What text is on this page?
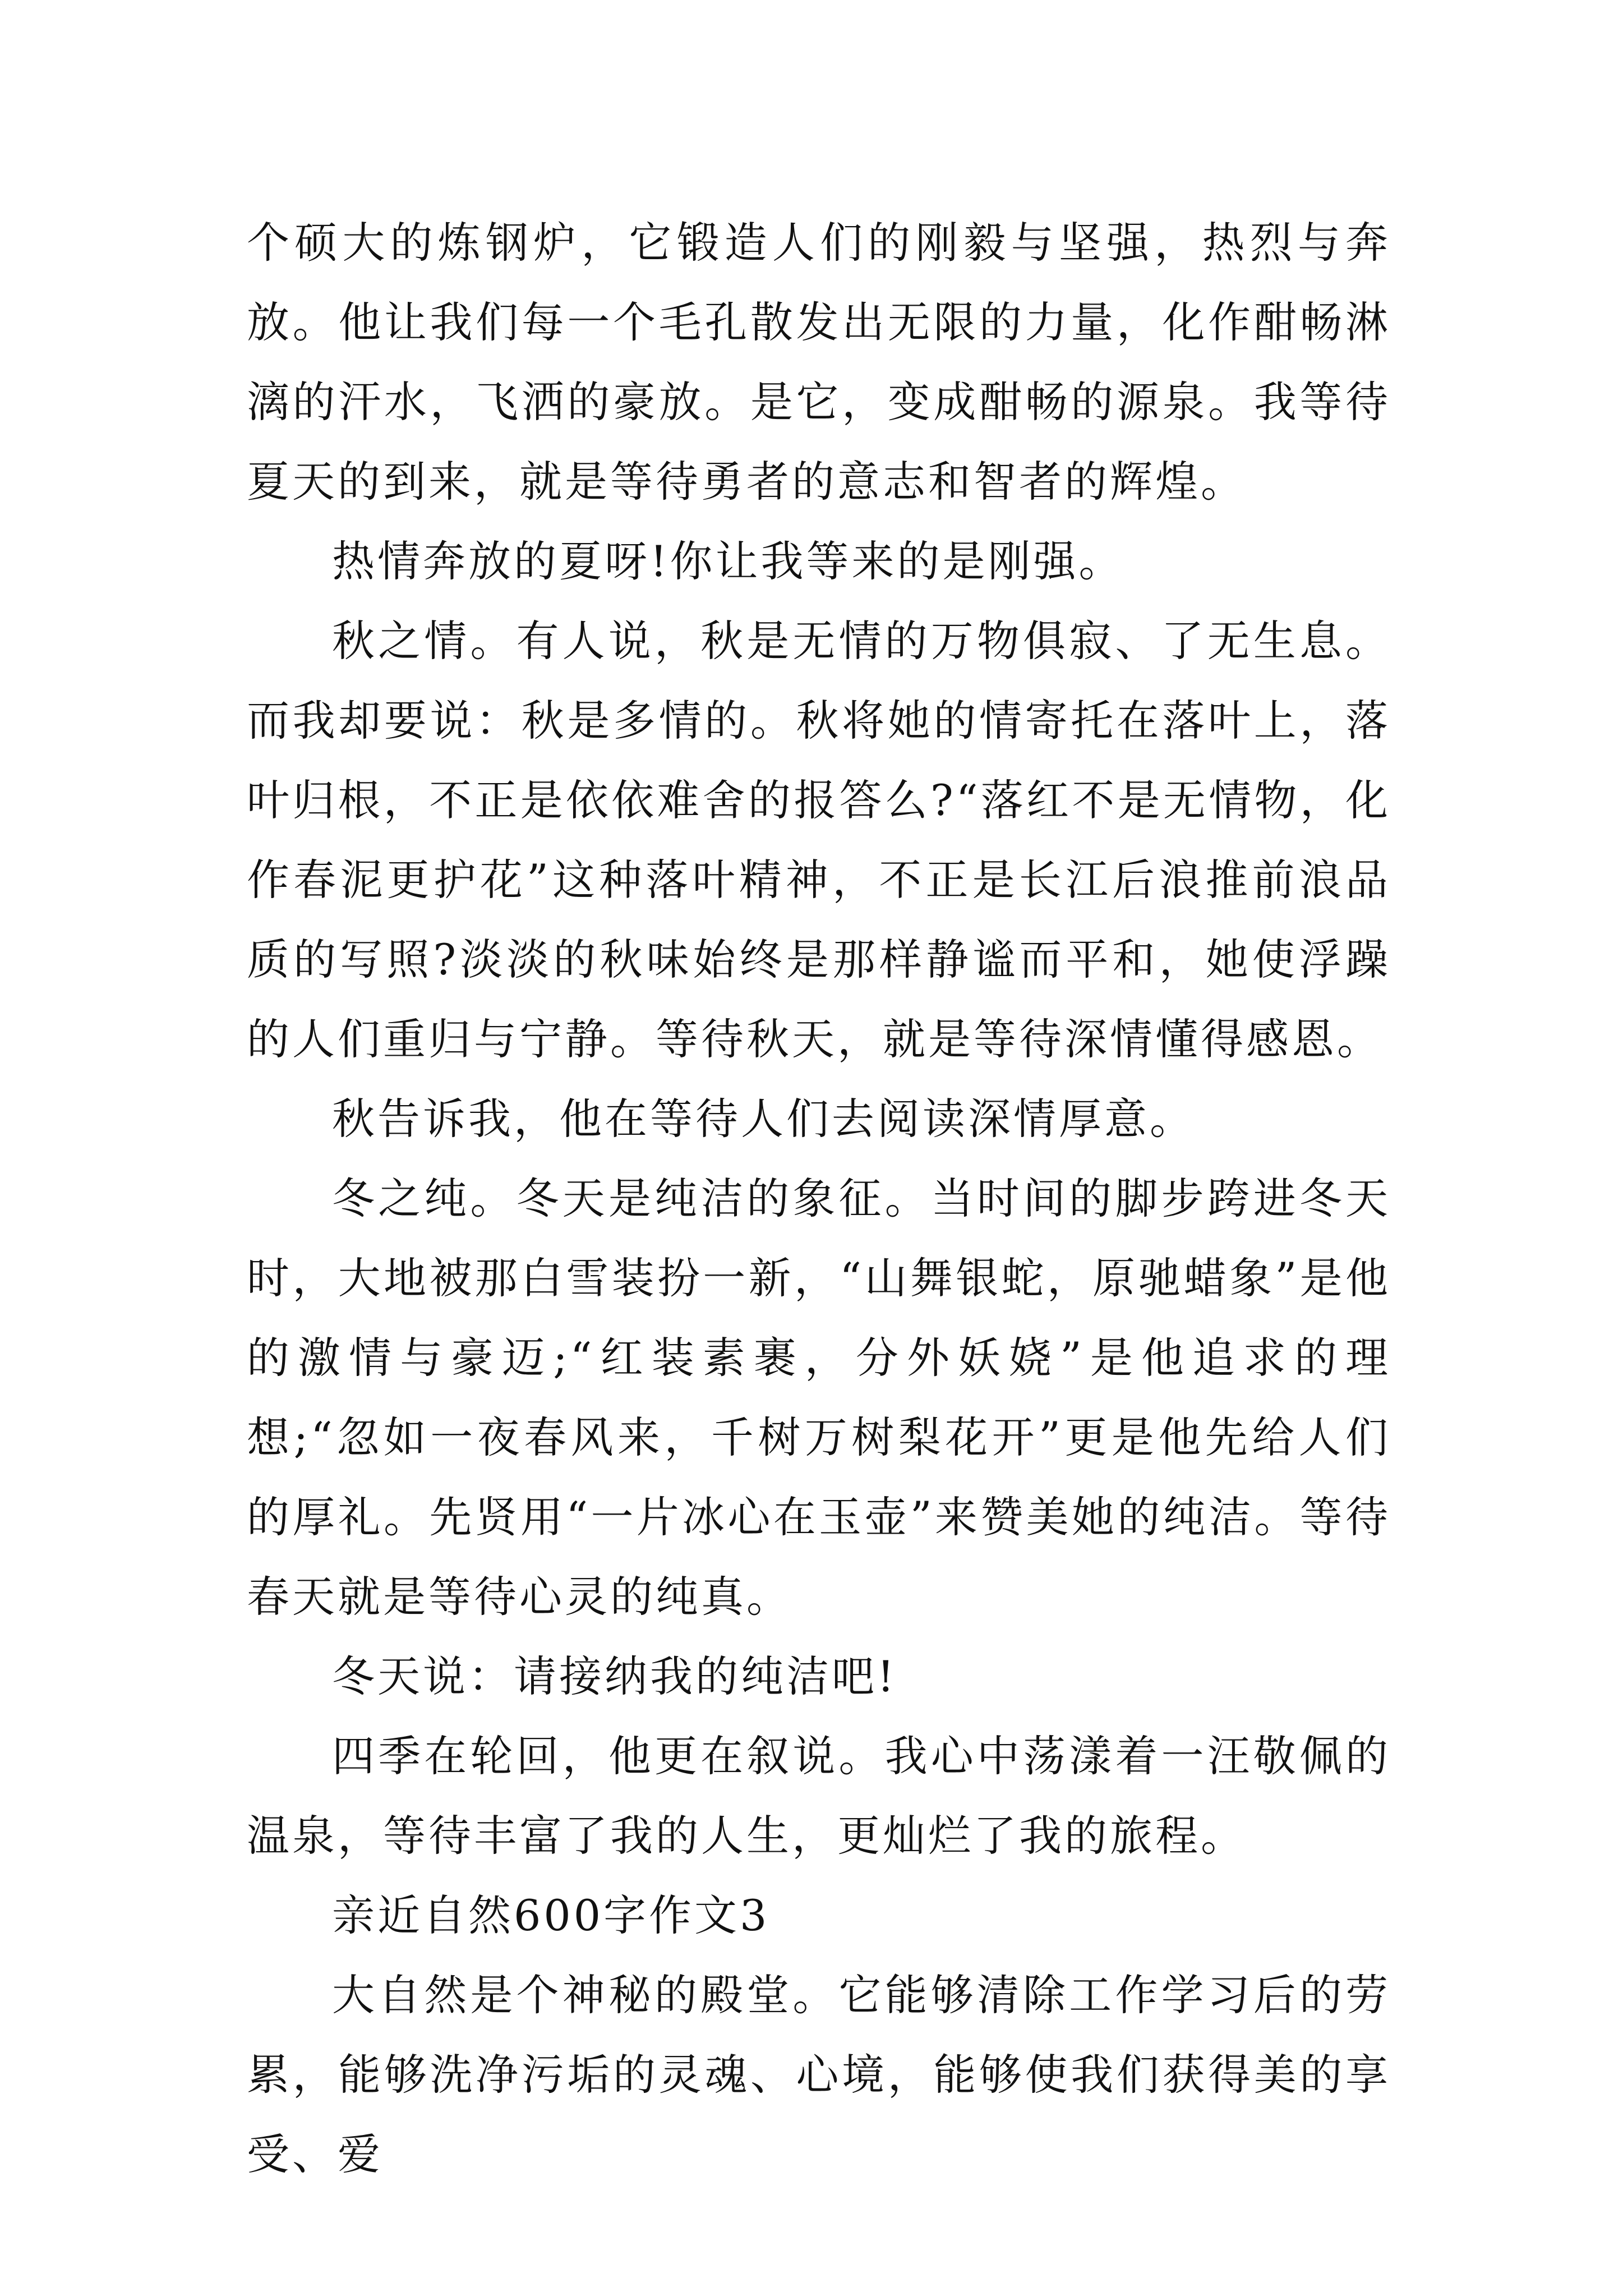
个硕大的炼钢炉，它锻造人们的刚毅与坚强，热烈与奔放。他让我们每一个毛孔散发出无限的力量，化作酣畅淋漓的汗水，飞洒的豪放。是它，变成酣畅的源泉。我等待夏天的到来，就是等待勇者的意志和智者的辉煌。

热情奔放的夏呀!你让我等来的是刚强。

秋之情。有人说，秋是无情的万物俱寂、了无生息。而我却要说：秋是多情的。秋将她的情寄托在落叶上，落叶归根，不正是依依难舍的报答么?“落红不是无情物，化作春泥更护花”这种落叶精神，不正是长江后浪推前浪品质的写照?淡淡的秋味始终是那样静谧而平和，她使浮躁的人们重归与宁静。等待秋天，就是等待深情懂得感恩。

秋告诉我，他在等待人们去阅读深情厚意。

冬之纯。冬天是纯洁的象征。当时间的脚步跨进冬天时，大地被那白雪装扮一新，“山舞银蛇，原驰蜡象”是他的激情与豪迈;“红装素裹，分外妖娆”是他追求的理想;“忽如一夜春风来，千树万树梨花开”更是他先给人们的厚礼。先贤用“一片冰心在玉壶”来赞美她的纯洁。等待春天就是等待心灵的纯真。

冬天说：请接纳我的纯洁吧!

四季在轮回，他更在叙说。我心中荡漾着一汪敬佩的温泉，等待丰富了我的人生，更灿烂了我的旅程。

亲近自然600字作文3

大自然是个神秘的殿堂。它能够清除工作学习后的劳累，能够洗净污垢的灵魂、心境，能够使我们获得美的享受、爱
